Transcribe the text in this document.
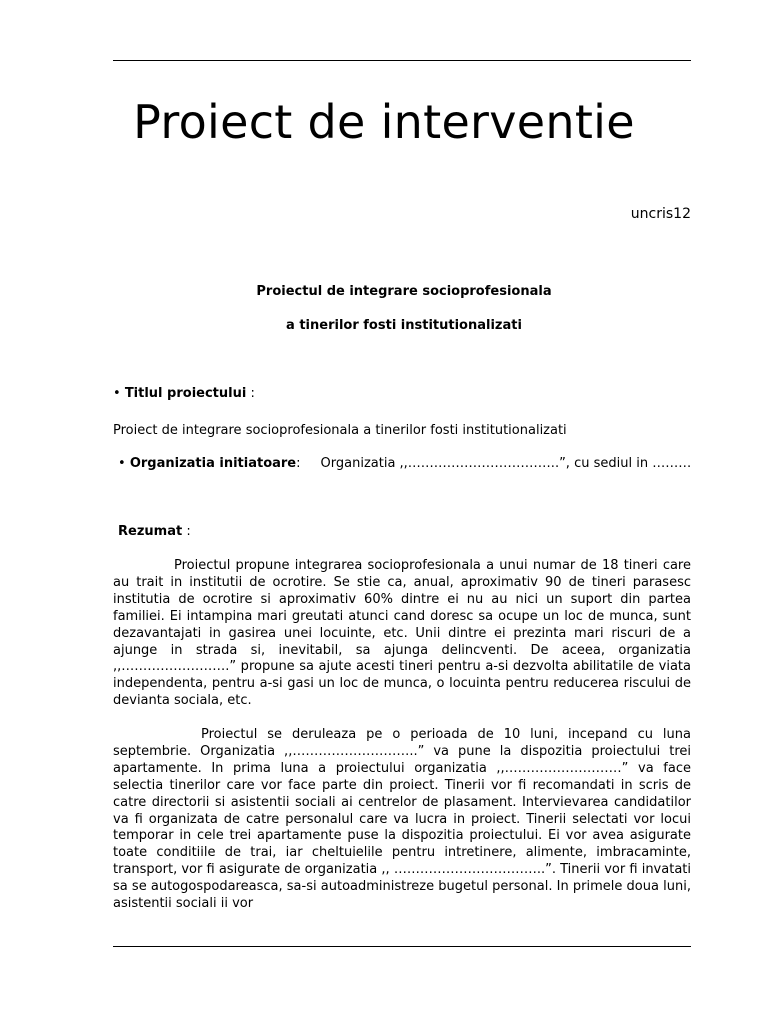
Proiect de interventie
uncris12
Proiectul de integrare socioprofesionala
a tinerilor fosti institutionalizati
• Titlul proiectului :
Proiect de integrare socioprofesionala a tinerilor fosti institutionalizati
• Organizatia initiatoare: Organizatia ,,……………………………..”, cu sediul in ………
Rezumat :
Proiectul propune integrarea socioprofesionala a unui numar de 18 tineri care au trait in institutii de ocrotire. Se stie ca, anual, aproximativ 90 de tineri parasesc institutia de ocrotire si aproximativ 60% dintre ei nu au nici un suport din partea familiei. Ei intampina mari greutati atunci cand doresc sa ocupe un loc de munca, sunt dezavantajati in gasirea unei locuinte, etc. Unii dintre ei prezinta mari riscuri de a ajunge in strada si, inevitabil, sa ajunga delincventi. De aceea, organizatia ,,…………………….” propune sa ajute acesti tineri pentru a-si dezvolta abilitatile de viata independenta, pentru a-si gasi un loc de munca, o locuinta pentru reducerea riscului de devianta sociala, etc.
Proiectul se deruleaza pe o perioada de 10 luni, incepand cu luna septembrie. Organizatia ,,………………………..” va pune la dispozitia proiectului trei apartamente. In prima luna a proiectului organizatia ,,………………………” va face selectia tinerilor care vor face parte din proiect. Tinerii vor fi recomandati in scris de catre directorii si asistentii sociali ai centrelor de plasament. Intervievarea candidatilor va fi organizata de catre personalul care va lucra in proiect. Tinerii selectati vor locui temporar in cele trei apartamente puse la dispozitia proiectului. Ei vor avea asigurate toate conditiile de trai, iar cheltuielile pentru intretinere, alimente, imbracaminte, transport, vor fi asigurate de organizatia ,, ……………………………..”. Tinerii vor fi invatati sa se autogospodareasca, sa-si autoadministreze bugetul personal. In primele doua luni, asistentii sociali ii vor
